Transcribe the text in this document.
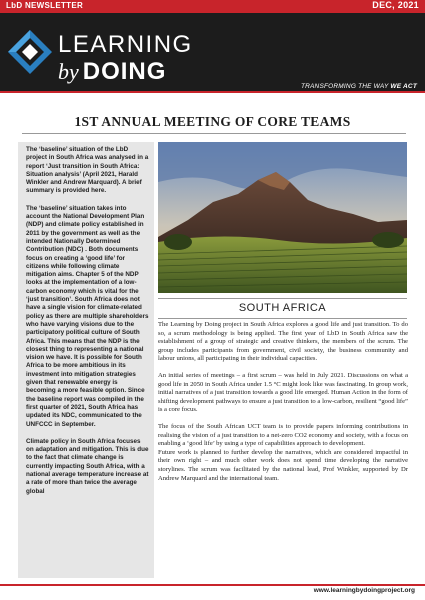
LbD NEWSLETTER	DEC, 2021
LEARNING
by DOING
TRANSFORMING THE WAY WE ACT
1ST ANNUAL MEETING OF CORE TEAMS

The ‘baseline’ situation of the LbD project in South Africa was analysed in a report ‘Just transition in South Africa: Situation analysis’ (April 2021, Harald Winkler and Andrew Marquard). A brief summary is provided here.

The ‘baseline’ situation takes into account the National Development Plan (NDP) and climate policy established in 2011 by the government as well as the intended Nationally Determined Contribution (NDC) . Both documents focus on creating a ‘good life’ for citizens while following climate mitigation aims. Chapter 5 of the NDP looks at the implementation of a low-carbon economy which is vital for the ‘just transition’. South Africa does not have a single vision for climate-related policy as there are multiple shareholders who have varying visions due to the participatory political culture of South Africa. This means that the NDP is the closest thing to representing a national vision we have. It is possible for South Africa to be more ambitious in its investment into mitigation strategies given that renewable energy is becoming a more feasible option. Since the baseline report was compiled in the first quarter of 2021, South Africa has updated its NDC, communicated to the UNFCCC in September.

Climate policy in South Africa focuses on adaptation and mitigation. This is due to the fact that climate change is currently impacting South Africa, with a national average temperature increase at a rate of more than twice the average global

SOUTH AFRICA

The Learning by Doing project in South Africa explores a good life and just transition. To do so, a scrum methodology is being applied. The first year of LbD in South Africa saw the establishment of a group of strategic and creative thinkers, the members of the scrum. The group includes participants from government, civil society, the business community and labour unions, all participating in their individual capacities.

An initial series of meetings – a first scrum – was held in July 2021. Discussions on what a good life in 2050 in South Africa under 1.5 °C might look like was fascinating. In group work, initial narratives of a just transition towards a good life emerged. Human Action in the form of shifting development pathways to ensure a just transition to a low-carbon, resilient “good life” is a core focus.

The focus of the South African UCT team is to provide papers informing contributions in realising the vision of a just transition to a net-zero CO2 economy and society, with a focus on enabling a ‘good life’ by using a type of capabilities approach to development.

Future work is planned to further develop the narratives, which are considered impactful in their own right – and much other work does not spend time developing the narrative storylines. The scrum was facilitated by the national lead, Prof Winkler, supported by Dr Andrew Marquard and the international team.

www.learningbydoingproject.org
